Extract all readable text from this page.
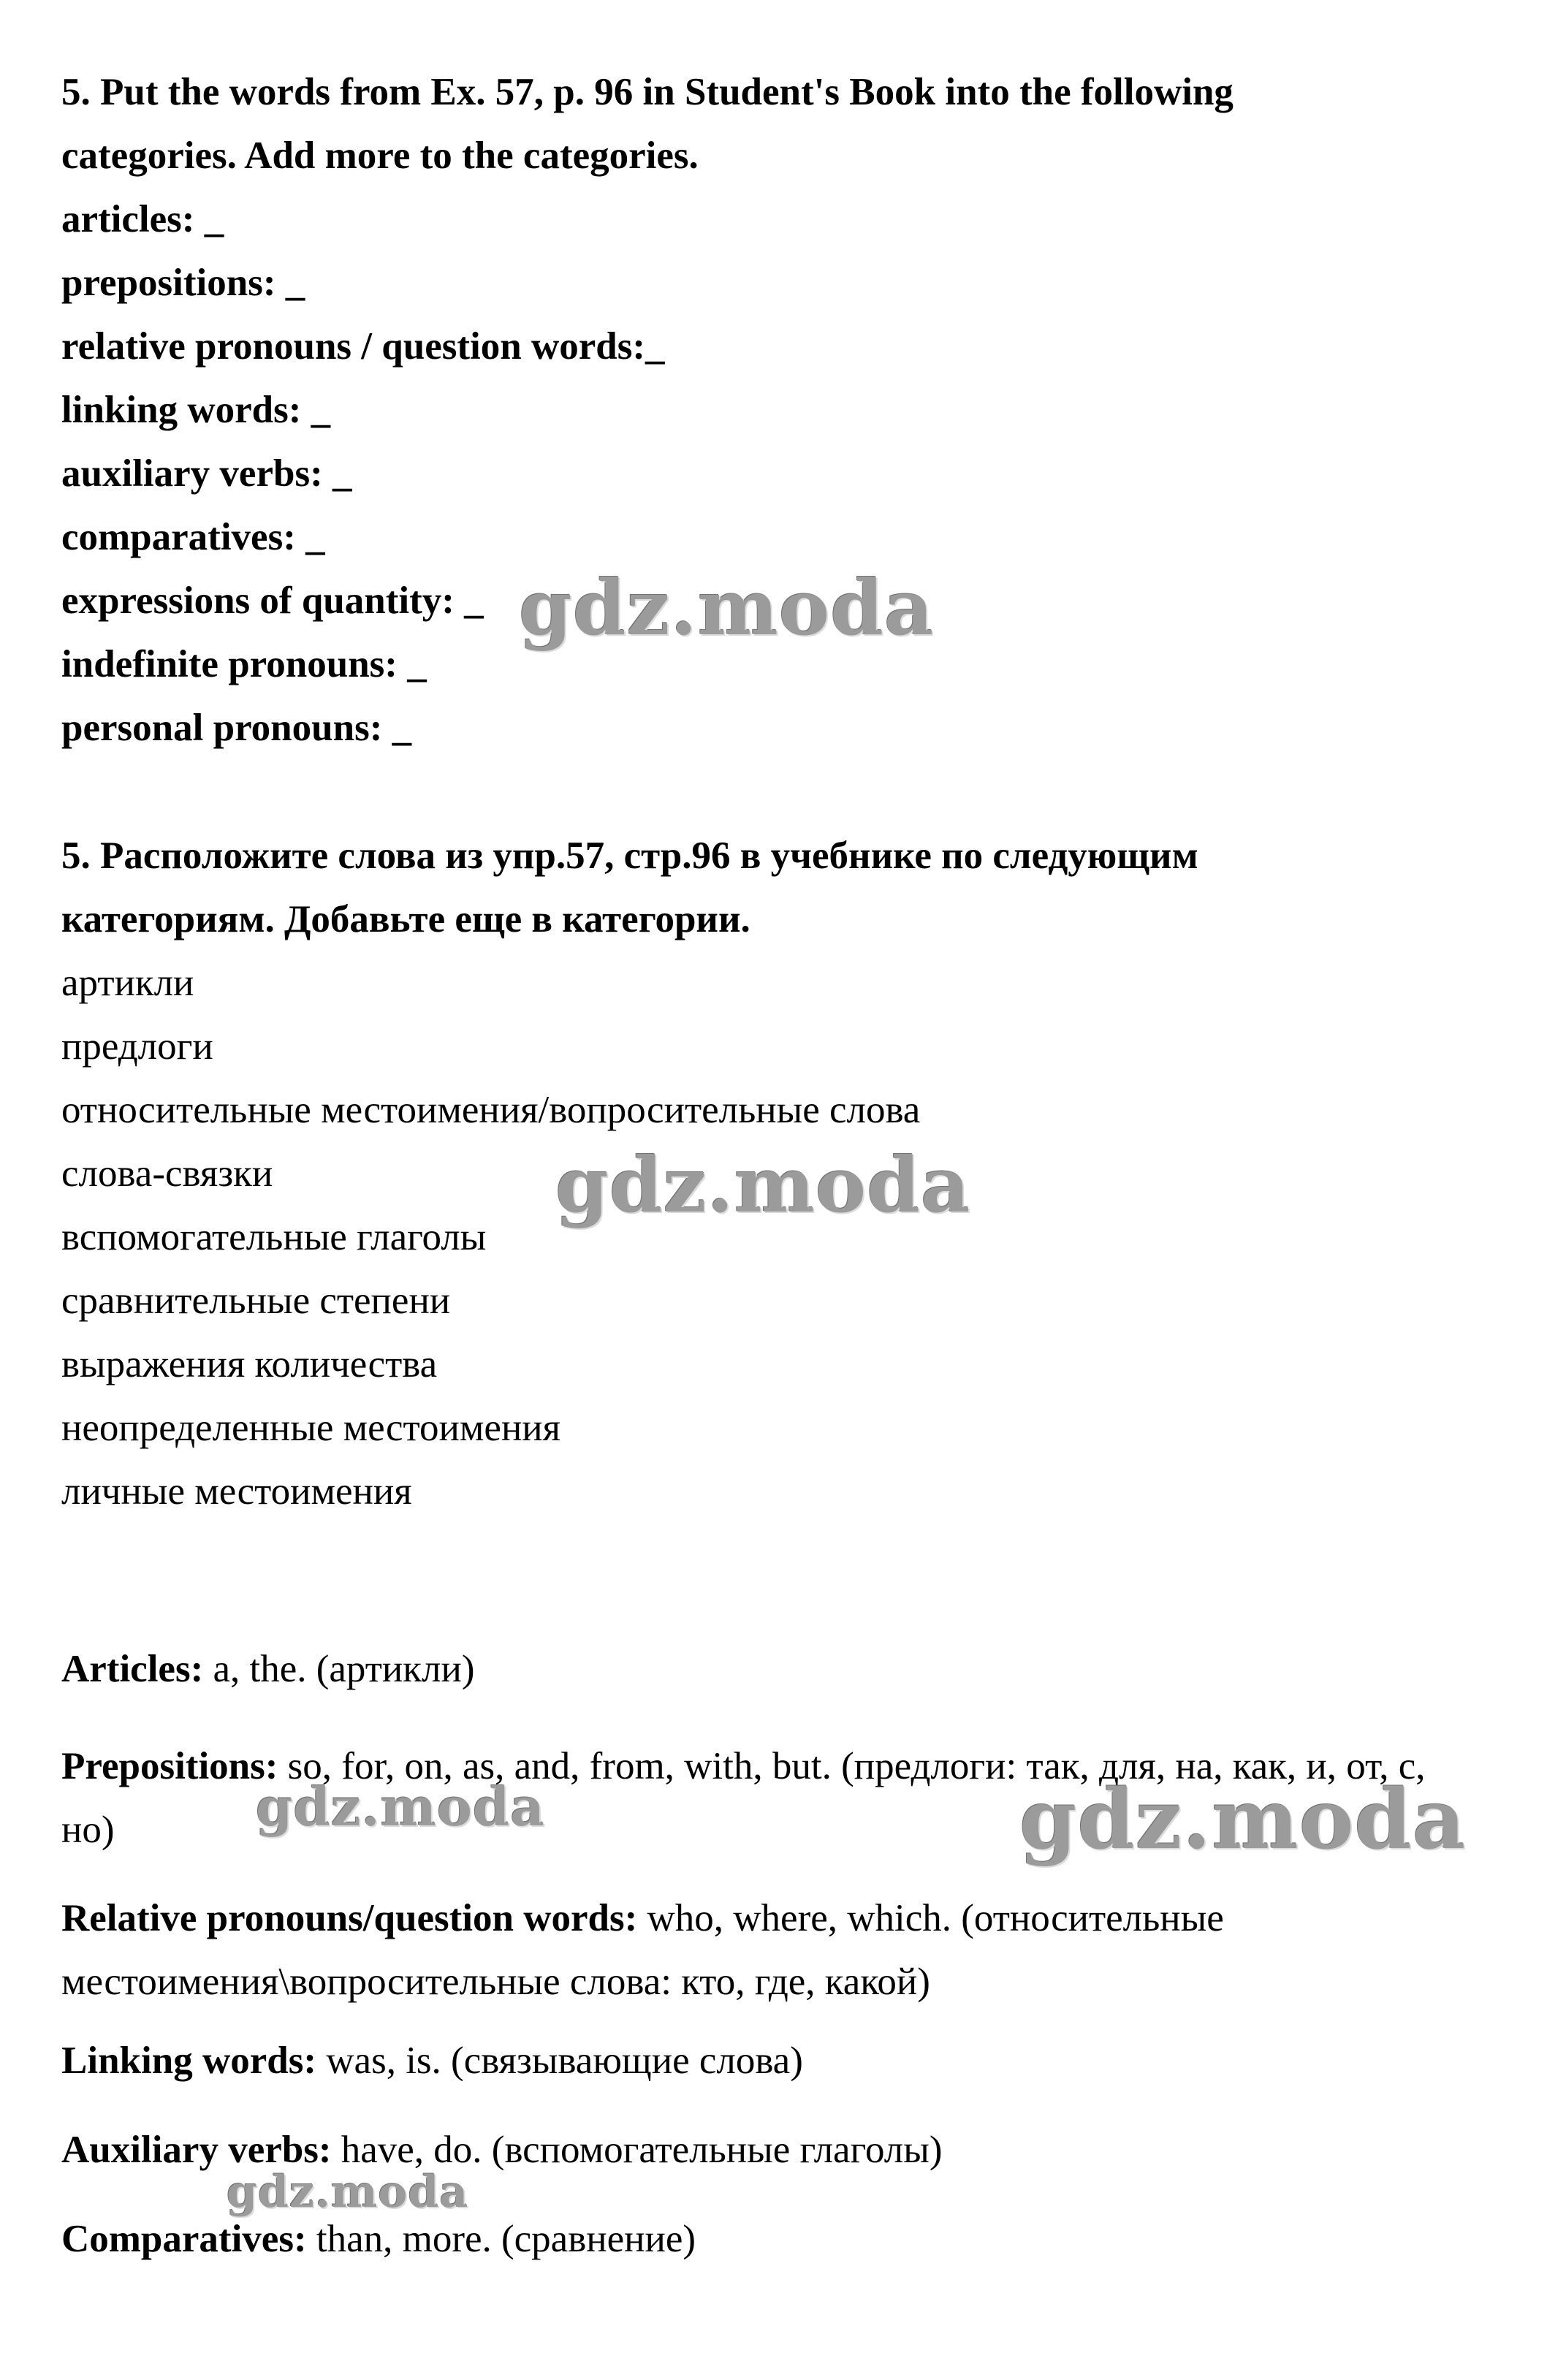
5. Put the words from Ex. 57, p. 96 in Student's Book into the following
categories. Add more to the categories.
articles: _
prepositions: _
relative pronouns / question words:_
linking words: _
auxiliary verbs: _
comparatives: _
expressions of quantity: _
indefinite pronouns: _
personal pronouns: _
5. Расположите слова из упр.57, стр.96 в учебнике по следующим
категориям. Добавьте еще в категории.
артикли
предлоги
относительные местоимения/вопросительные слова
слова-связки
вспомогательные глаголы
сравнительные степени
выражения количества
неопределенные местоимения
личные местоимения
Articles: a, the. (артикли)
Prepositions: so, for, on, as, and, from, with, but. (предлоги: так, для, на, как, и, от, с, но)
Relative pronouns/question words: who, where, which. (относительные местоимения\вопросительные слова: кто, где, какой)
Linking words: was, is. (связывающие слова)
Auxiliary verbs: have, do. (вспомогательные глаголы)
Comparatives: than, more. (сравнение)
gdz.moda
gdz.moda
gdz.moda	gdz.moda
gdz.moda
